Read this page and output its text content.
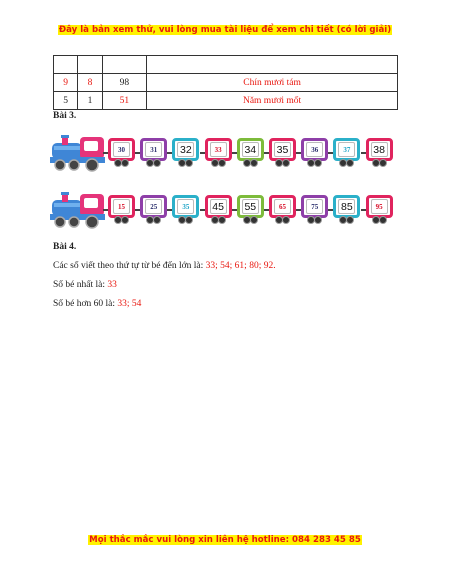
Đây là bản xem thử, vui lòng mua tài liệu để xem chi tiết (có lời giải)

9	8	98	Chín mươi tám
5	1	51	Năm mươi mốt
Bài 3.
30	31	32	33	34 35	36	37	38
15	25	35	45 55	65	75	85	95
Bài 4.
Các số viết theo thứ tự từ bé đến lớn là: 33; 54; 61; 80; 92.
Số bé nhất là: 33
Số bé hơn 60 là: 33; 54
Mọi thắc mắc vui lòng xin liên hệ hotline: 084 283 45 85
